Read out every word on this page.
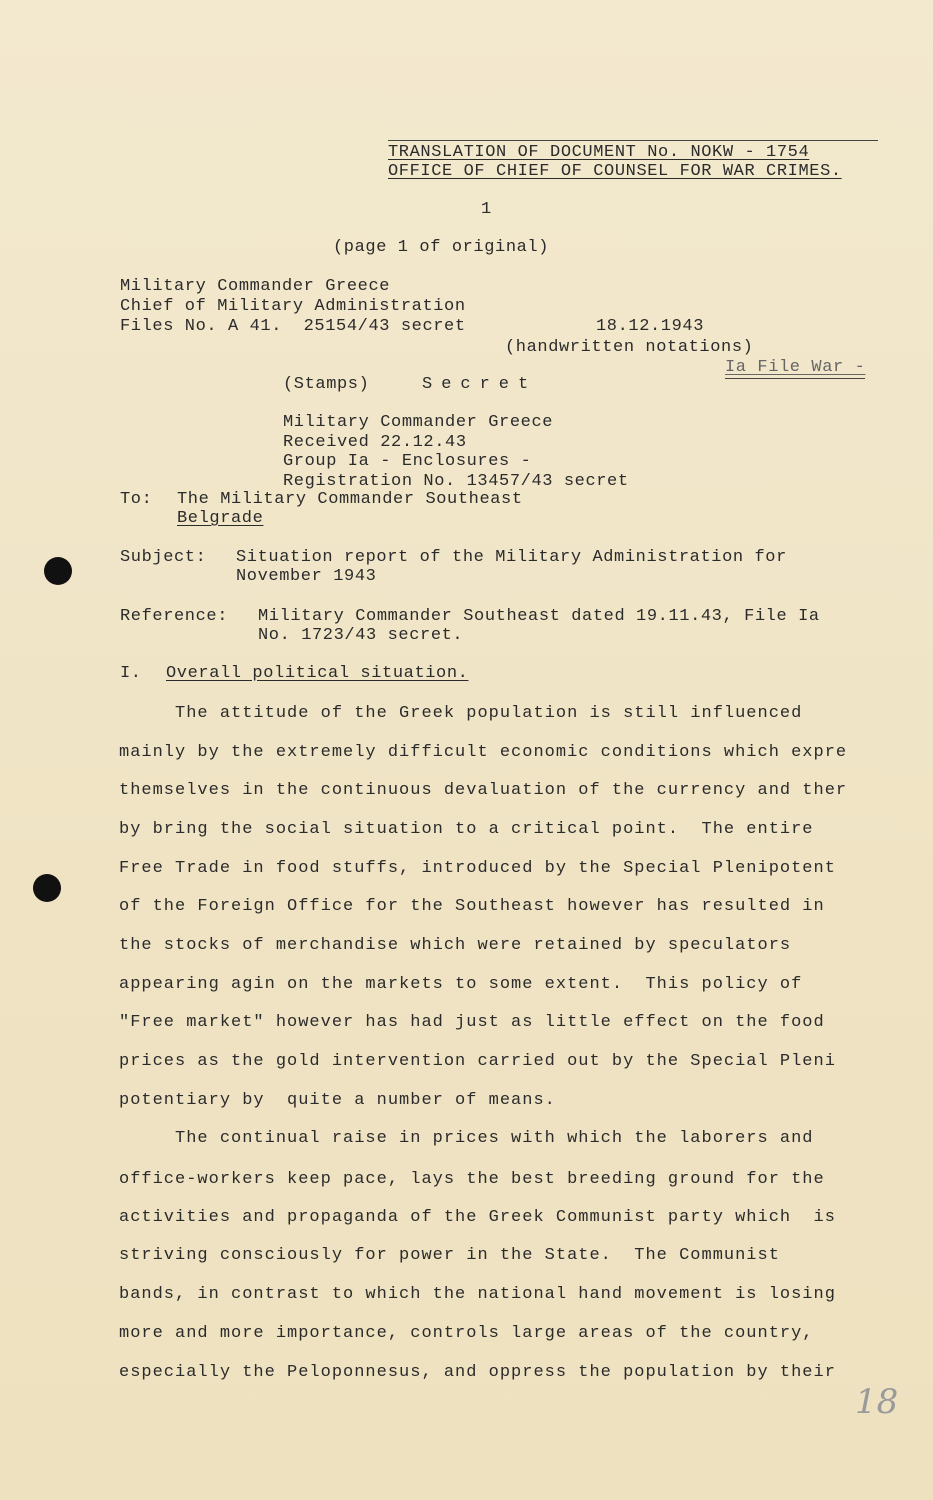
TRANSLATION OF DOCUMENT No. NOKW - 1754
OFFICE OF CHIEF OF COUNSEL FOR WAR CRIMES.
1
(page 1 of original)
Military Commander Greece
Chief of Military Administration
Files No. A 41.  25154/43 secret	18.12.1943
(handwritten notations)
Ia File War -
(Stamps)	Secret
Military Commander Greece
Received 22.12.43
Group Ia - Enclosures -
Registration No. 13457/43 secret
To: The Military Commander Southeast
Belgrade
Subject: Situation report of the Military Administration for
November 1943
Reference: Military Commander Southeast dated 19.11.43, File Ia
No. 1723/43 secret.
I. Overall political situation.
The attitude of the Greek population is still influenced
mainly by the extremely difficult economic conditions which expre
themselves in the continuous devaluation of the currency and ther
by bring the social situation to a critical point.  The entire
Free Trade in food stuffs, introduced by the Special Plenipotent
of the Foreign Office for the Southeast however has resulted in
the stocks of merchandise which were retained by speculators
appearing agin on the markets to some extent.  This policy of
"Free market" however has had just as little effect on the food
prices as the gold intervention carried out by the Special Pleni
potentiary by  quite a number of means.
The continual raise in prices with which the laborers and
office-workers keep pace, lays the best breeding ground for the
activities and propaganda of the Greek Communist party which  is
striving consciously for power in the State.  The Communist
bands, in contrast to which the national hand movement is losing
more and more importance, controls large areas of the country,
especially the Peloponnesus, and oppress the population by their
18
